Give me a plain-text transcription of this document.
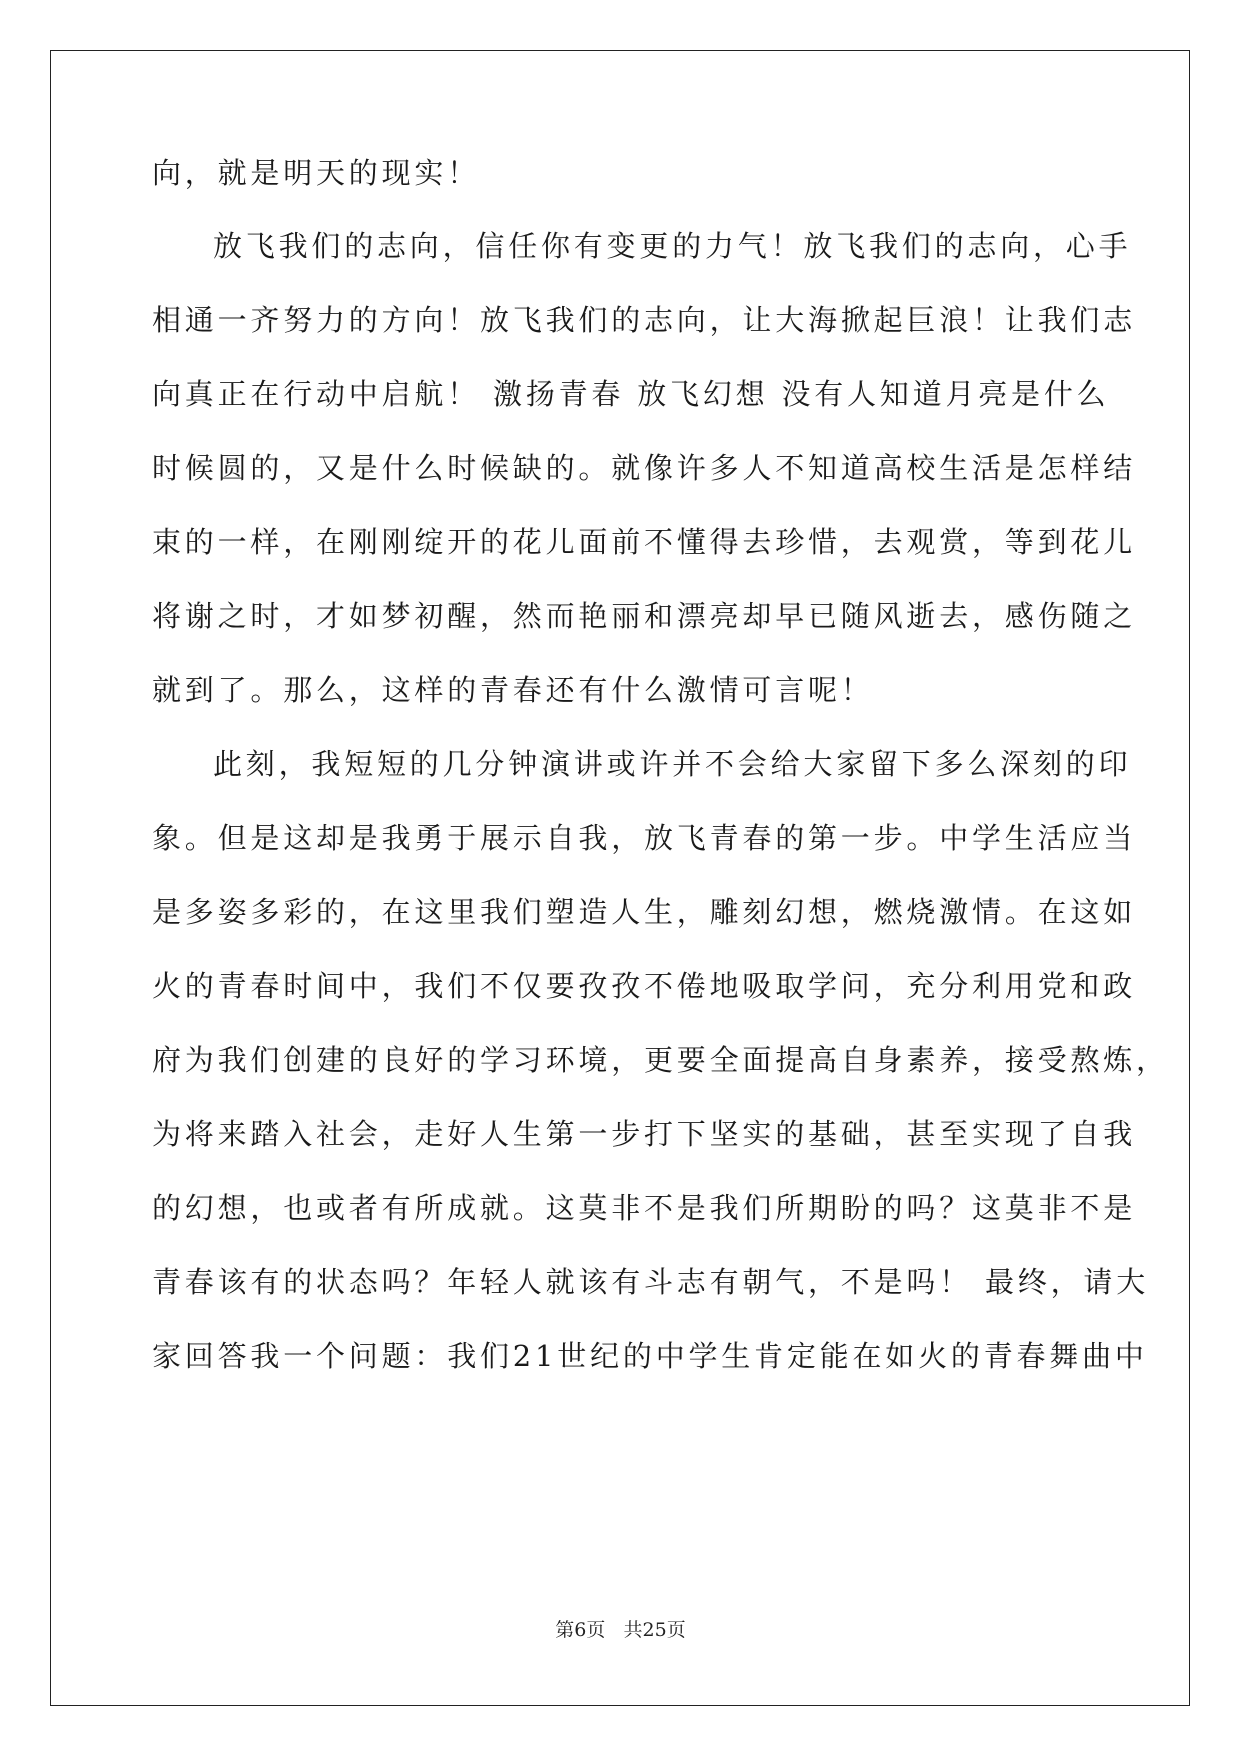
向，就是明天的现实！
放飞我们的志向，信任你有变更的力气！放飞我们的志向，心手
相通一齐努力的方向！放飞我们的志向，让大海掀起巨浪！让我们志
向真正在行动中启航！ 激扬青春 放飞幻想 没有人知道月亮是什么
时候圆的，又是什么时候缺的。就像许多人不知道高校生活是怎样结
束的一样，在刚刚绽开的花儿面前不懂得去珍惜，去观赏，等到花儿
将谢之时，才如梦初醒，然而艳丽和漂亮却早已随风逝去，感伤随之
就到了。那么，这样的青春还有什么激情可言呢！
此刻，我短短的几分钟演讲或许并不会给大家留下多么深刻的印
象。但是这却是我勇于展示自我，放飞青春的第一步。中学生活应当
是多姿多彩的，在这里我们塑造人生，雕刻幻想，燃烧激情。在这如
火的青春时间中，我们不仅要孜孜不倦地吸取学问，充分利用党和政
府为我们创建的良好的学习环境，更要全面提高自身素养，接受熬炼，
为将来踏入社会，走好人生第一步打下坚实的基础，甚至实现了自我
的幻想，也或者有所成就。这莫非不是我们所期盼的吗？这莫非不是
青春该有的状态吗？年轻人就该有斗志有朝气，不是吗！ 最终，请大
家回答我一个问题：我们21世纪的中学生肯定能在如火的青春舞曲中
第6页 共25页
